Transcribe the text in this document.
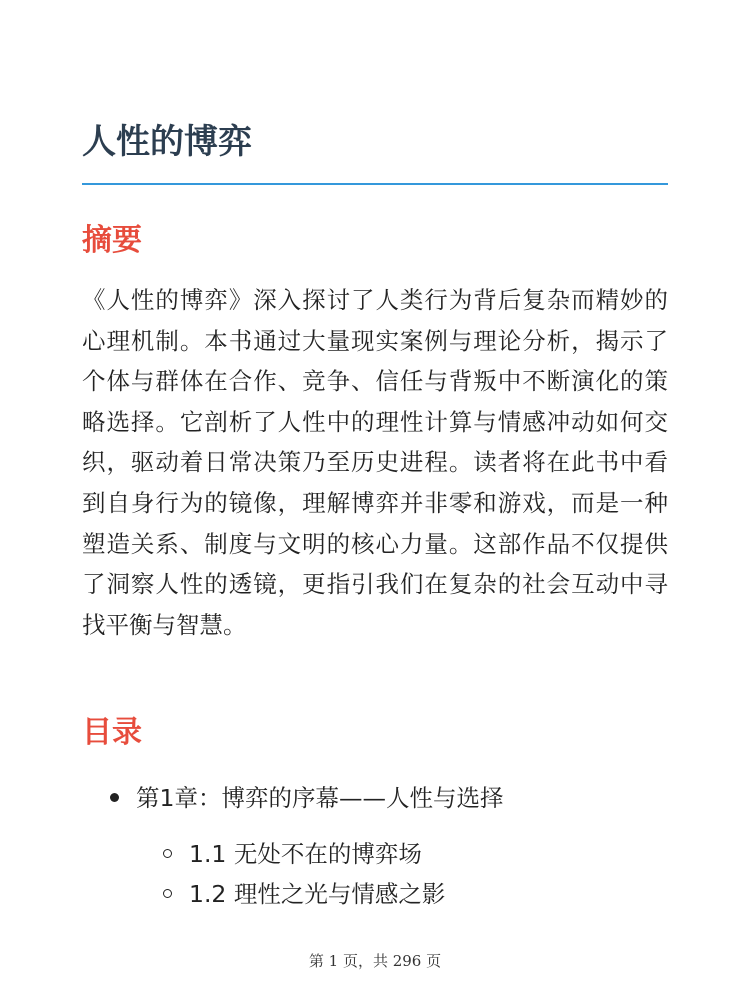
人性的博弈
摘要

《人性的博弈》深入探讨了人类行为背后复杂而精妙的心理机制。本书通过大量现实案例与理论分析，揭示了个体与群体在合作、竞争、信任与背叛中不断演化的策略选择。它剖析了人性中的理性计算与情感冲动如何交织，驱动着日常决策乃至历史进程。读者将在此书中看到自身行为的镜像，理解博弈并非零和游戏，而是一种塑造关系、制度与文明的核心力量。这部作品不仅提供了洞察人性的透镜，更指引我们在复杂的社会互动中寻找平衡与智慧。

目录
第1章：博弈的序幕——人性与选择
1.1 无处不在的博弈场
1.2 理性之光与情感之影
第 1 页，共 296 页
